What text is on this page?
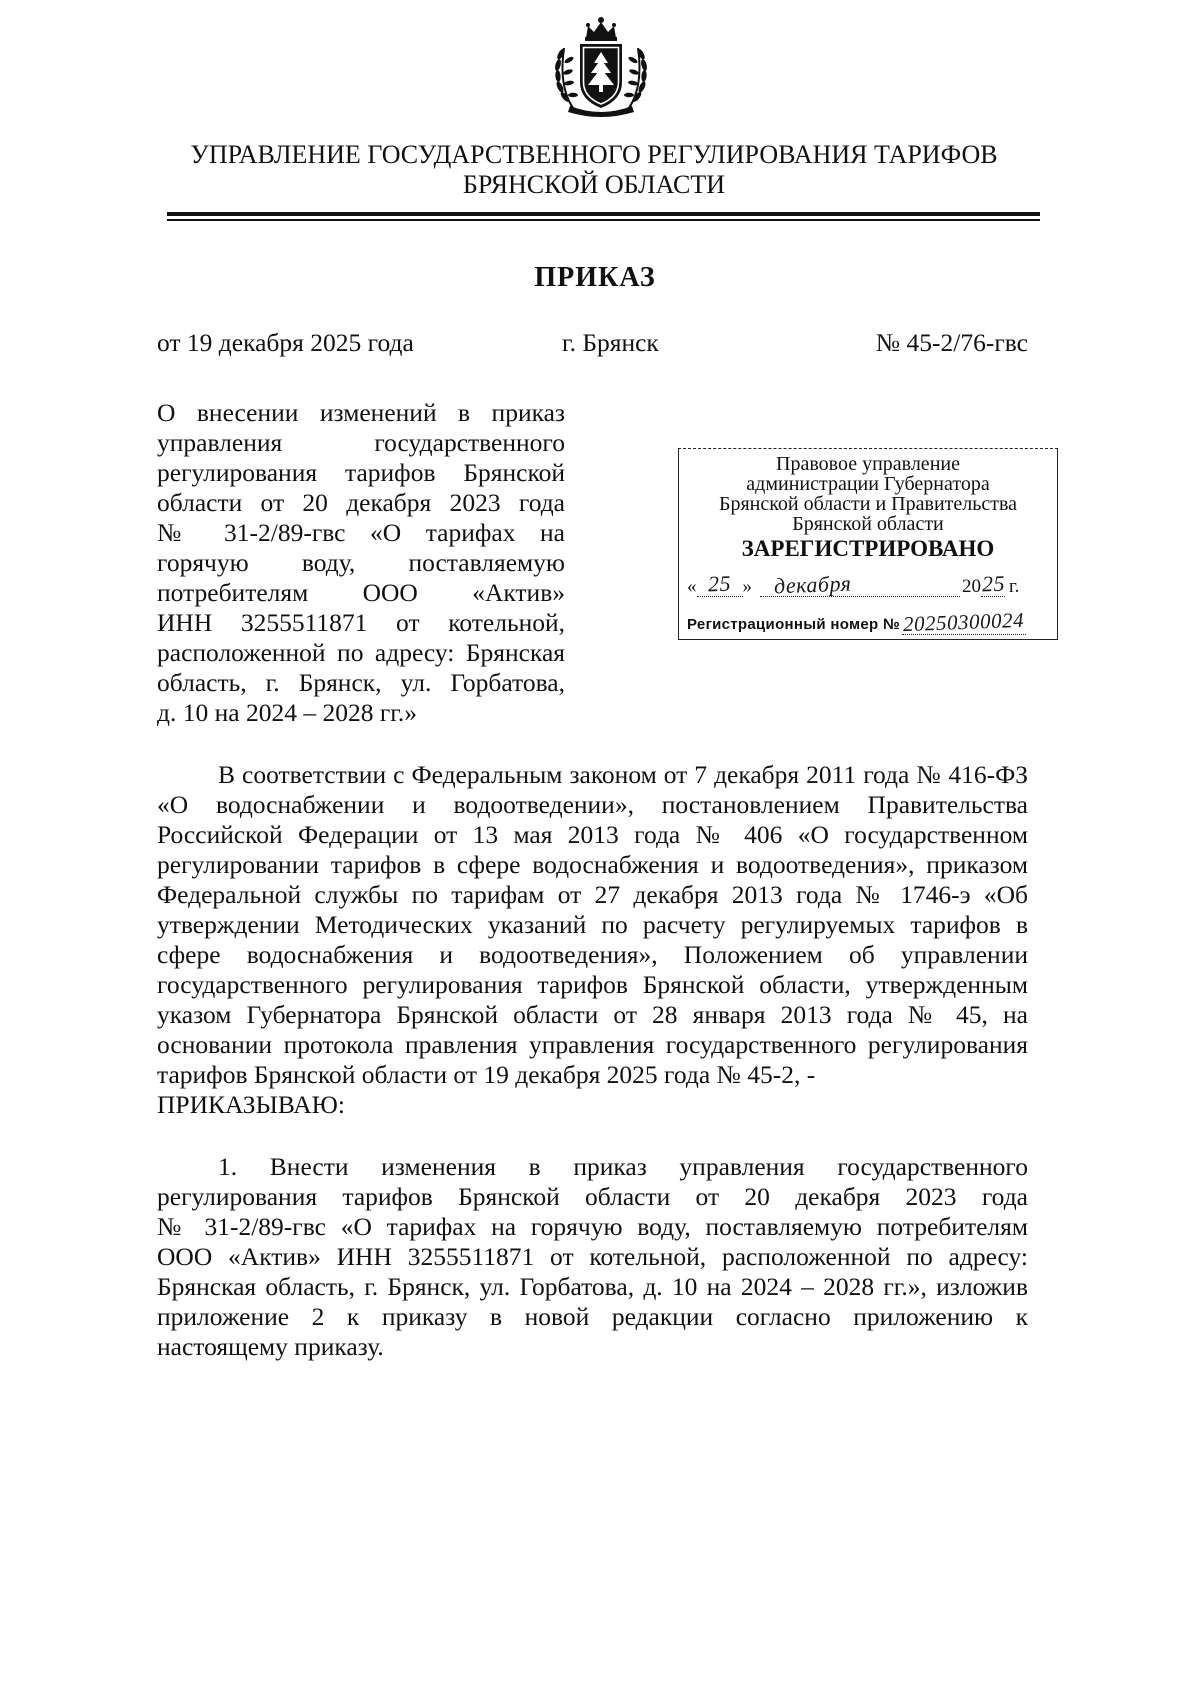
УПРАВЛЕНИЕ ГОСУДАРСТВЕННОГО РЕГУЛИРОВАНИЯ ТАРИФОВ
БРЯНСКОЙ ОБЛАСТИ
ПРИКАЗ
от 19 декабря 2025 года	г. Брянск	№ 45-2/76-гвс
О внесении изменений в приказ
управления государственного
регулирования тарифов Брянской
области от 20 декабря 2023 года
№ 31-2/89-гвс «О тарифах на
горячую воду, поставляемую
потребителям ООО «Актив»
ИНН 3255511871 от котельной,
расположенной по адресу: Брянская
область, г. Брянск, ул. Горбатова,
д. 10 на 2024 – 2028 гг.»
Правовое управление
администрации Губернатора
Брянской области и Правительства
Брянской области
ЗАРЕГИСТРИРОВАНО
« 25 » декабря	20 25 г.
Регистрационный номер № 20250300024
В соответствии с Федеральным законом от 7 декабря 2011 года № 416-ФЗ
«О водоснабжении и водоотведении», постановлением Правительства
Российской Федерации от 13 мая 2013 года № 406 «О государственном
регулировании тарифов в сфере водоснабжения и водоотведения», приказом
Федеральной службы по тарифам от 27 декабря 2013 года № 1746-э «Об
утверждении Методических указаний по расчету регулируемых тарифов в
сфере водоснабжения и водоотведения», Положением об управлении
государственного регулирования тарифов Брянской области, утвержденным
указом Губернатора Брянской области от 28 января 2013 года № 45, на
основании протокола правления управления государственного регулирования
тарифов Брянской области от 19 декабря 2025 года № 45-2, -
ПРИКАЗЫВАЮ:
1. Внести изменения в приказ управления государственного
регулирования тарифов Брянской области от 20 декабря 2023 года
№ 31-2/89-гвс «О тарифах на горячую воду, поставляемую потребителям
ООО «Актив» ИНН 3255511871 от котельной, расположенной по адресу:
Брянская область, г. Брянск, ул. Горбатова, д. 10 на 2024 – 2028 гг.», изложив
приложение 2 к приказу в новой редакции согласно приложению к
настоящему приказу.
